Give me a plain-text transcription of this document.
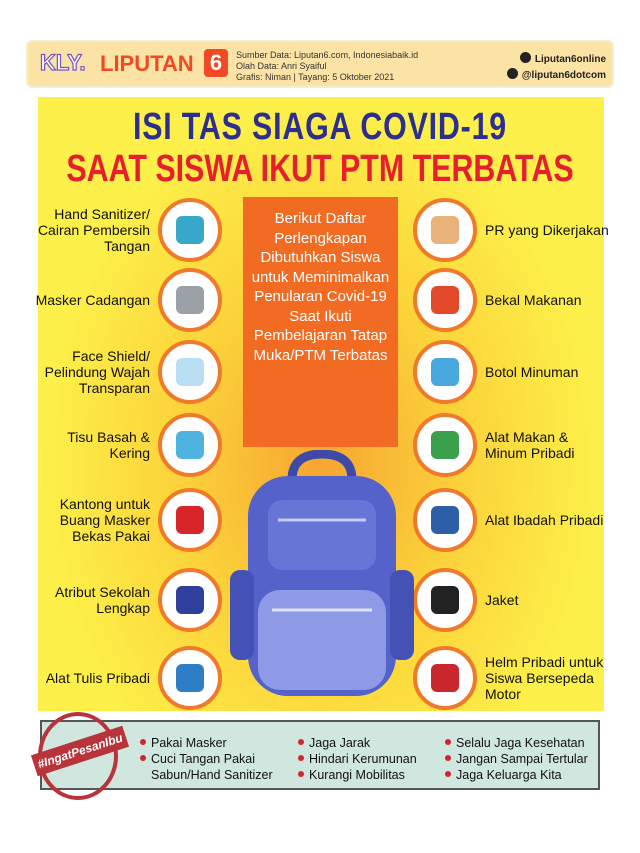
KLY. LIPUTAN 6	Sumber Data: Liputan6.com, Indonesiabaik.id
Olah Data: Anri Syaiful
Grafis: Niman | Tayang: 5 Oktober 2021
Liputan6online
@liputan6dotcom
ISI TAS SIAGA COVID-19
SAAT SISWA IKUT PTM TERBATAS
Hand Sanitizer/ Cairan Pembersih Tangan
Masker Cadangan
Face Shield/ Pelindung Wajah Transparan
Tisu Basah & Kering
Kantong untuk Buang Masker Bekas Pakai
Atribut Sekolah Lengkap
Alat Tulis Pribadi
PR yang Dikerjakan
Bekal Makanan
Botol Minuman
Alat Makan & Minum Pribadi
Alat Ibadah Pribadi
Jaket
Helm Pribadi untuk Siswa Bersepeda Motor
Berikut Daftar Perlengkapan Dibutuhkan Siswa untuk Meminimalkan Penularan Covid-19 Saat Ikuti Pembelajaran Tatap Muka/PTM Terbatas
#IngatPesanIbu	Pakai Masker
Cuci Tangan Pakai
Sabun/Hand Sanitizer
Jaga Jarak
Hindari Kerumunan
Kurangi Mobilitas
Selalu Jaga Kesehatan
Jangan Sampai Tertular
Jaga Keluarga Kita
